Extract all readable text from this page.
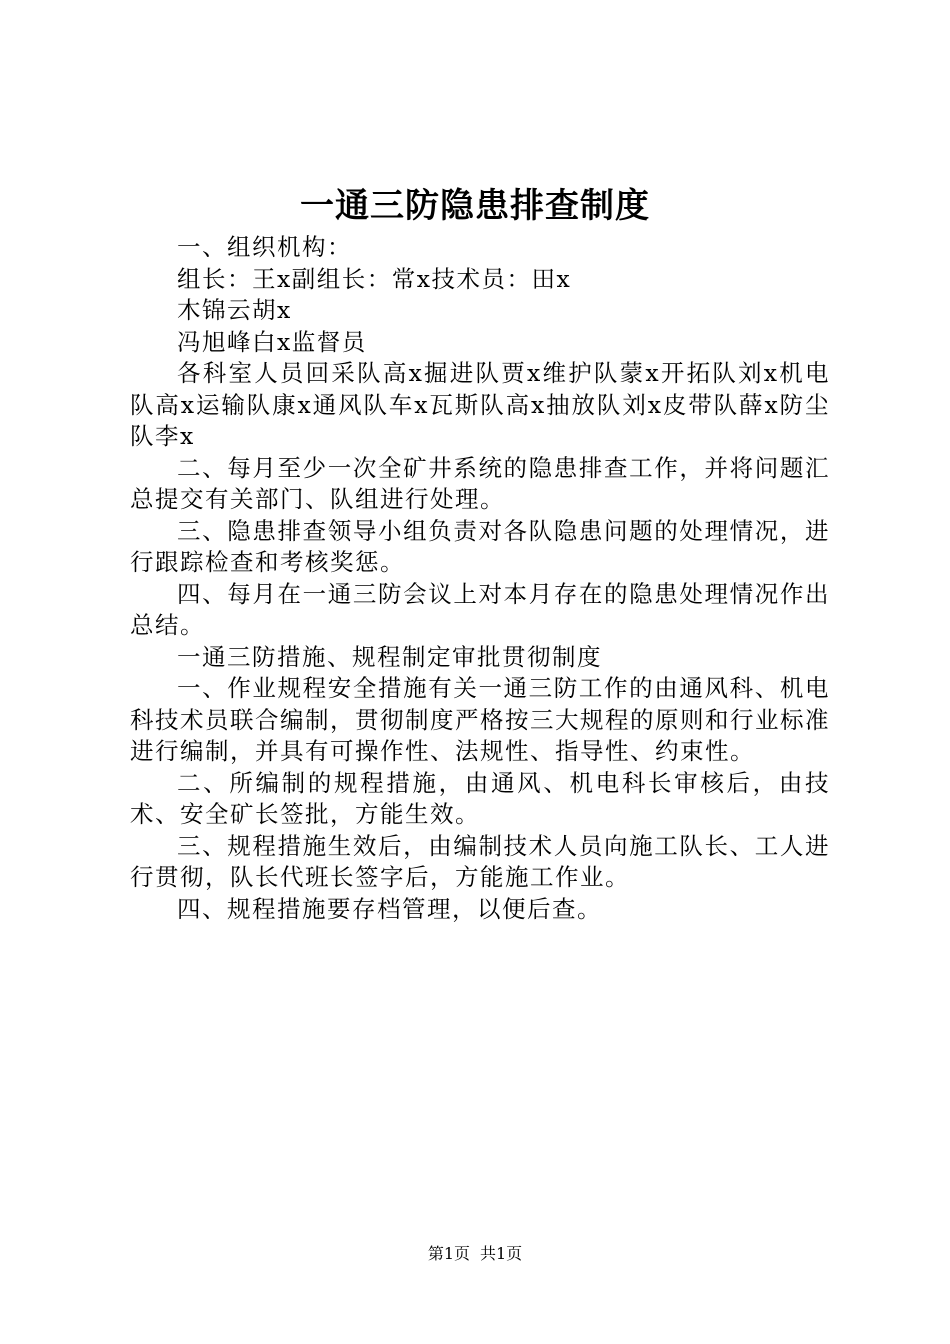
一通三防隐患排查制度

一、组织机构：

组长：王x副组长：常x技术员：田x

木锦云胡x

冯旭峰白x监督员

各科室人员回采队高x掘进队贾x维护队蒙x开拓队刘x机电队高x运输队康x通风队车x瓦斯队高x抽放队刘x皮带队薛x防尘队李x

二、每月至少一次全矿井系统的隐患排查工作，并将问题汇总提交有关部门、队组进行处理。

三、隐患排查领导小组负责对各队隐患问题的处理情况，进行跟踪检查和考核奖惩。

四、每月在一通三防会议上对本月存在的隐患处理情况作出总结。

一通三防措施、规程制定审批贯彻制度

一、作业规程安全措施有关一通三防工作的由通风科、机电科技术员联合编制，贯彻制度严格按三大规程的原则和行业标准进行编制，并具有可操作性、法规性、指导性、约束性。

二、所编制的规程措施，由通风、机电科长审核后，由技术、安全矿长签批，方能生效。

三、规程措施生效后，由编制技术人员向施工队长、工人进行贯彻，队长代班长签字后，方能施工作业。

四、规程措施要存档管理，以便后查。

第1页 共1页
